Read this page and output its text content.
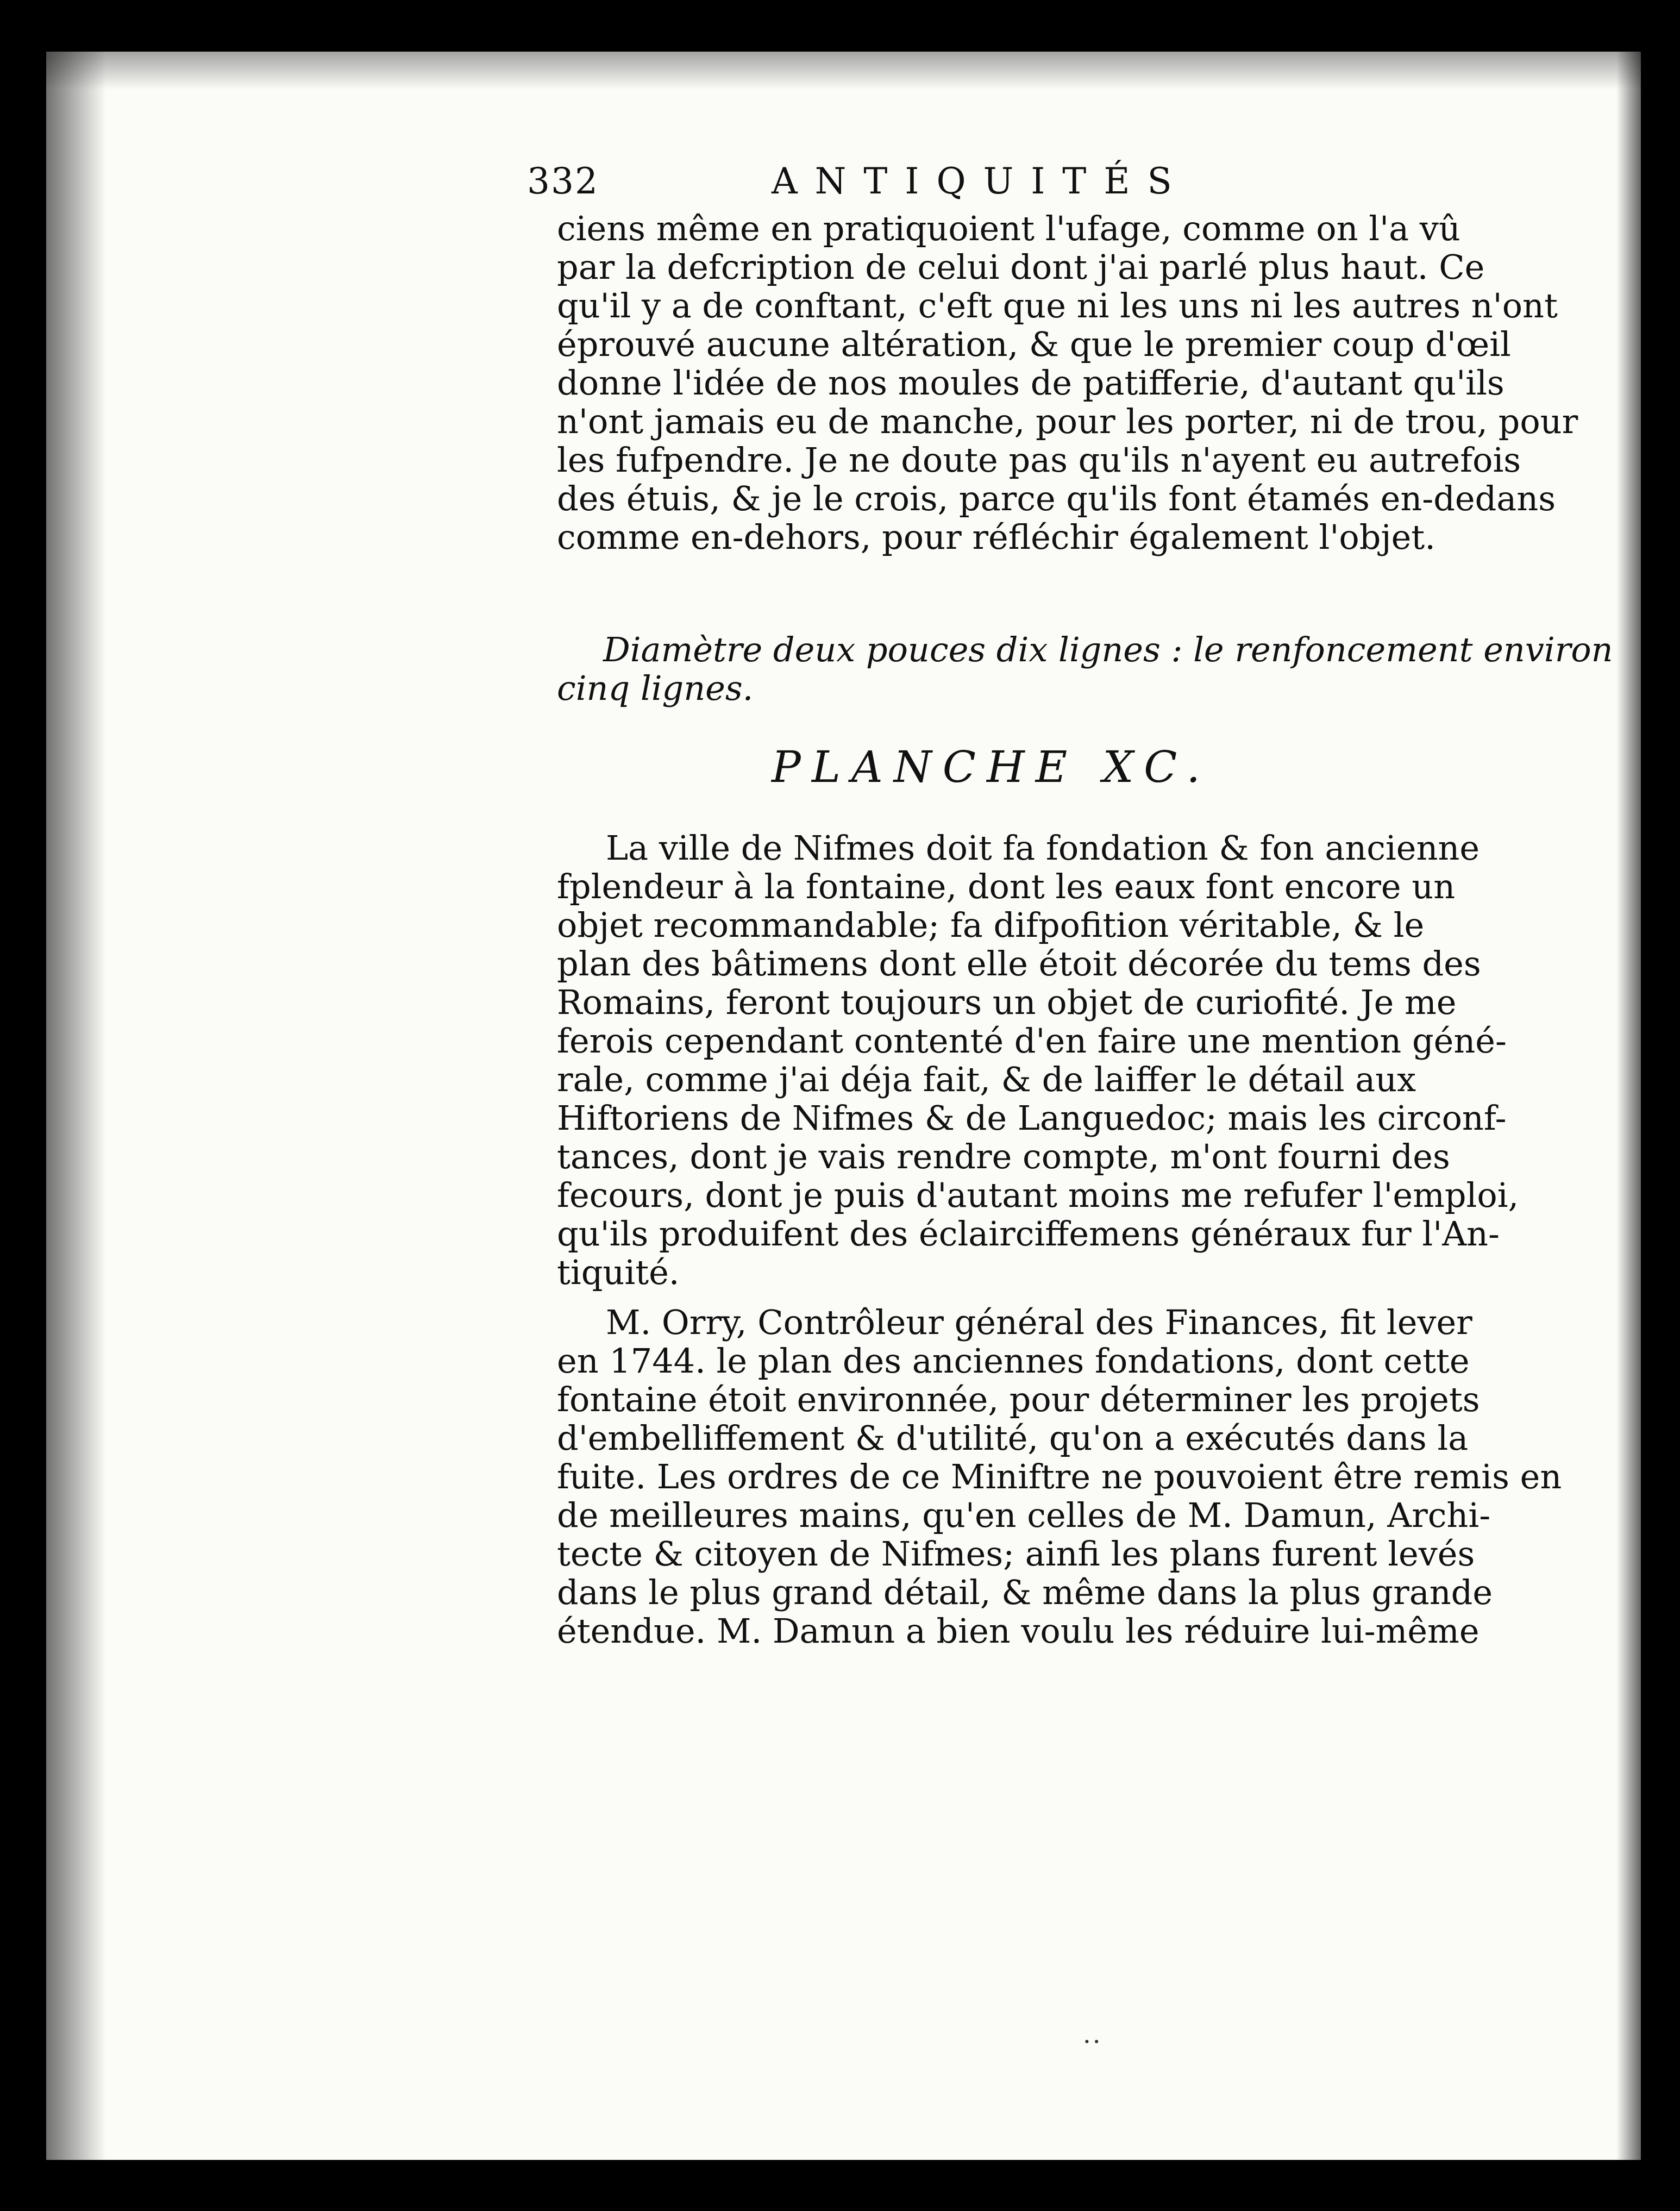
332	ANTIQUITÉS
ciens même en pratiquoient l'ufage, comme on l'a vû
par la defcription de celui dont j'ai parlé plus haut. Ce
qu'il y a de conftant, c'eft que ni les uns ni les autres n'ont
éprouvé aucune altération, & que le premier coup d'œil
donne l'idée de nos moules de patifferie, d'autant qu'ils
n'ont jamais eu de manche, pour les porter, ni de trou, pour
les fufpendre. Je ne doute pas qu'ils n'ayent eu autrefois
des étuis, & je le crois, parce qu'ils font étamés en-dedans
comme en-dehors, pour réfléchir également l'objet.
Diamètre deux pouces dix lignes : le renfoncement environ
cinq lignes.
PLANCHE XC.
La ville de Nifmes doit fa fondation & fon ancienne
fplendeur à la fontaine, dont les eaux font encore un
objet recommandable; fa difpofition véritable, & le
plan des bâtimens dont elle étoit décorée du tems des
Romains, feront toujours un objet de curiofité. Je me
ferois cependant contenté d'en faire une mention géné-
rale, comme j'ai déja fait, & de laiffer le détail aux
Hiftoriens de Nifmes & de Languedoc; mais les circonf-
tances, dont je vais rendre compte, m'ont fourni des
fecours, dont je puis d'autant moins me refufer l'emploi,
qu'ils produifent des éclairciffemens généraux fur l'An-
tiquité.
M. Orry, Contrôleur général des Finances, fit lever
en 1744. le plan des anciennes fondations, dont cette
fontaine étoit environnée, pour déterminer les projets
d'embelliffement & d'utilité, qu'on a exécutés dans la
fuite. Les ordres de ce Miniftre ne pouvoient être remis en
de meilleures mains, qu'en celles de M. Damun, Archi-
tecte & citoyen de Nifmes; ainfi les plans furent levés
dans le plus grand détail, & même dans la plus grande
étendue. M. Damun a bien voulu les réduire lui-même
∙ ∙
